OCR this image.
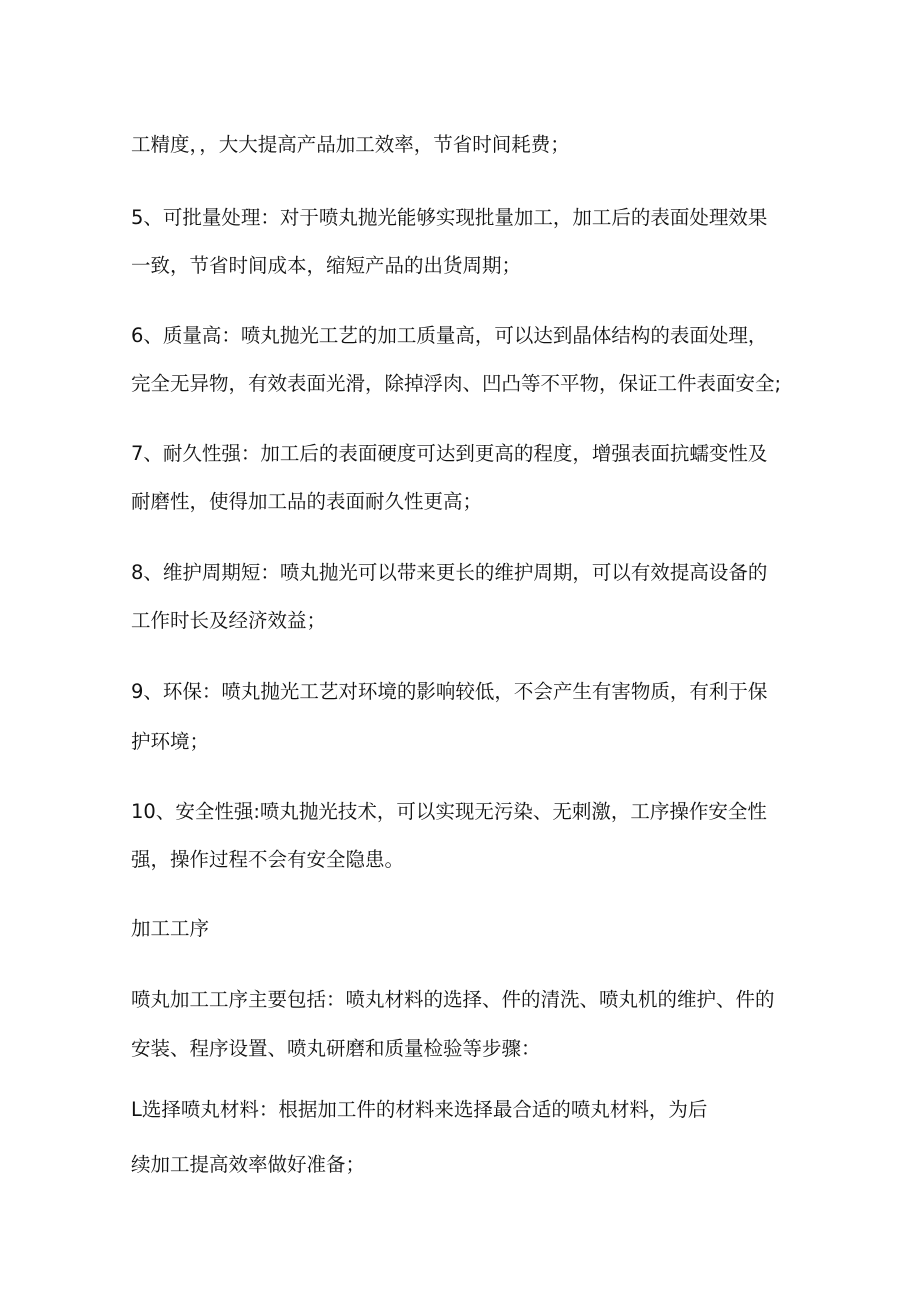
工精度，，大大提高产品加工效率，节省时间耗费；
5、可批量处理：对于喷丸抛光能够实现批量加工，加工后的表面处理效果
一致，节省时间成本，缩短产品的出货周期；
6、质量高：喷丸抛光工艺的加工质量高，可以达到晶体结构的表面处理，
完全无异物，有效表面光滑，除掉浮肉、凹凸等不平物，保证工件表面安全;
7、耐久性强：加工后的表面硬度可达到更高的程度，增强表面抗蠕变性及
耐磨性，使得加工品的表面耐久性更高；
8、维护周期短：喷丸抛光可以带来更长的维护周期，可以有效提高设备的
工作时长及经济效益；
9、环保：喷丸抛光工艺对环境的影响较低，不会产生有害物质，有利于保
护环境；
10、安全性强:喷丸抛光技术，可以实现无污染、无刺激，工序操作安全性
强，操作过程不会有安全隐患。
加工工序
喷丸加工工序主要包括：喷丸材料的选择、件的清洗、喷丸机的维护、件的
安装、程序设置、喷丸研磨和质量检验等步骤：
L选择喷丸材料：根据加工件的材料来选择最合适的喷丸材料，为后
续加工提高效率做好准备；
